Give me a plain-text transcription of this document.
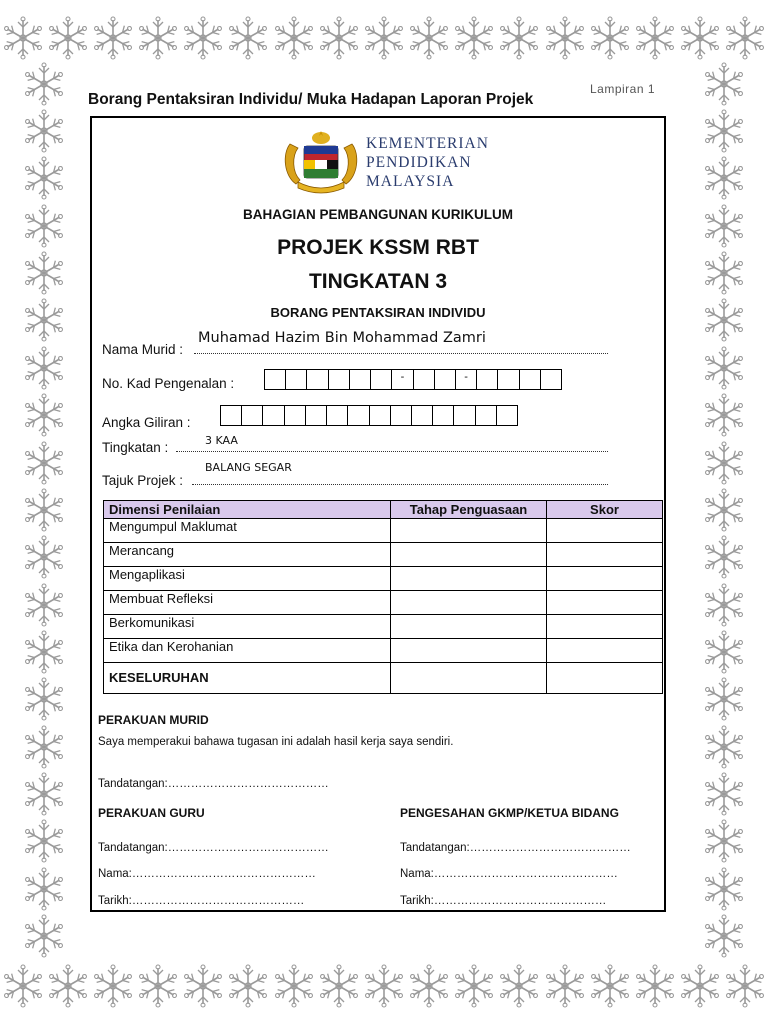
Lampiran 1
Borang Pentaksiran Individu/ Muka Hadapan Laporan Projek
KEMENTERIAN
PENDIDIKAN
MALAYSIA
BAHAGIAN PEMBANGUNAN KURIKULUM
PROJEK KSSM RBT
TINGKATAN 3
BORANG PENTAKSIRAN INDIVIDU
Nama Murid :
Muhamad Hazim Bin Mohammad Zamri
No. Kad Pengenalan :	-	-
Angka Giliran :
Tingkatan :	3 KAA
Tajuk Projek :
BALANG SEGAR
Dimensi Penilaian	Tahap Penguasaan	Skor
Mengumpul Maklumat		
Merancang		
Mengaplikasi		
Membuat Refleksi		
Berkomunikasi		
Etika dan Kerohanian		
KESELURUHAN		
PERAKUAN MURID
Saya memperakui bahawa tugasan ini adalah hasil kerja saya sendiri.
Tandatangan:……………………………………
PERAKUAN GURU
Tandatangan:……………………………………
Nama:…………………………………………
Tarikh:………………………………………
PENGESAHAN GKMP/KETUA BIDANG
Tandatangan:……………………………………
Nama:…………………………………………
Tarikh:………………………………………
